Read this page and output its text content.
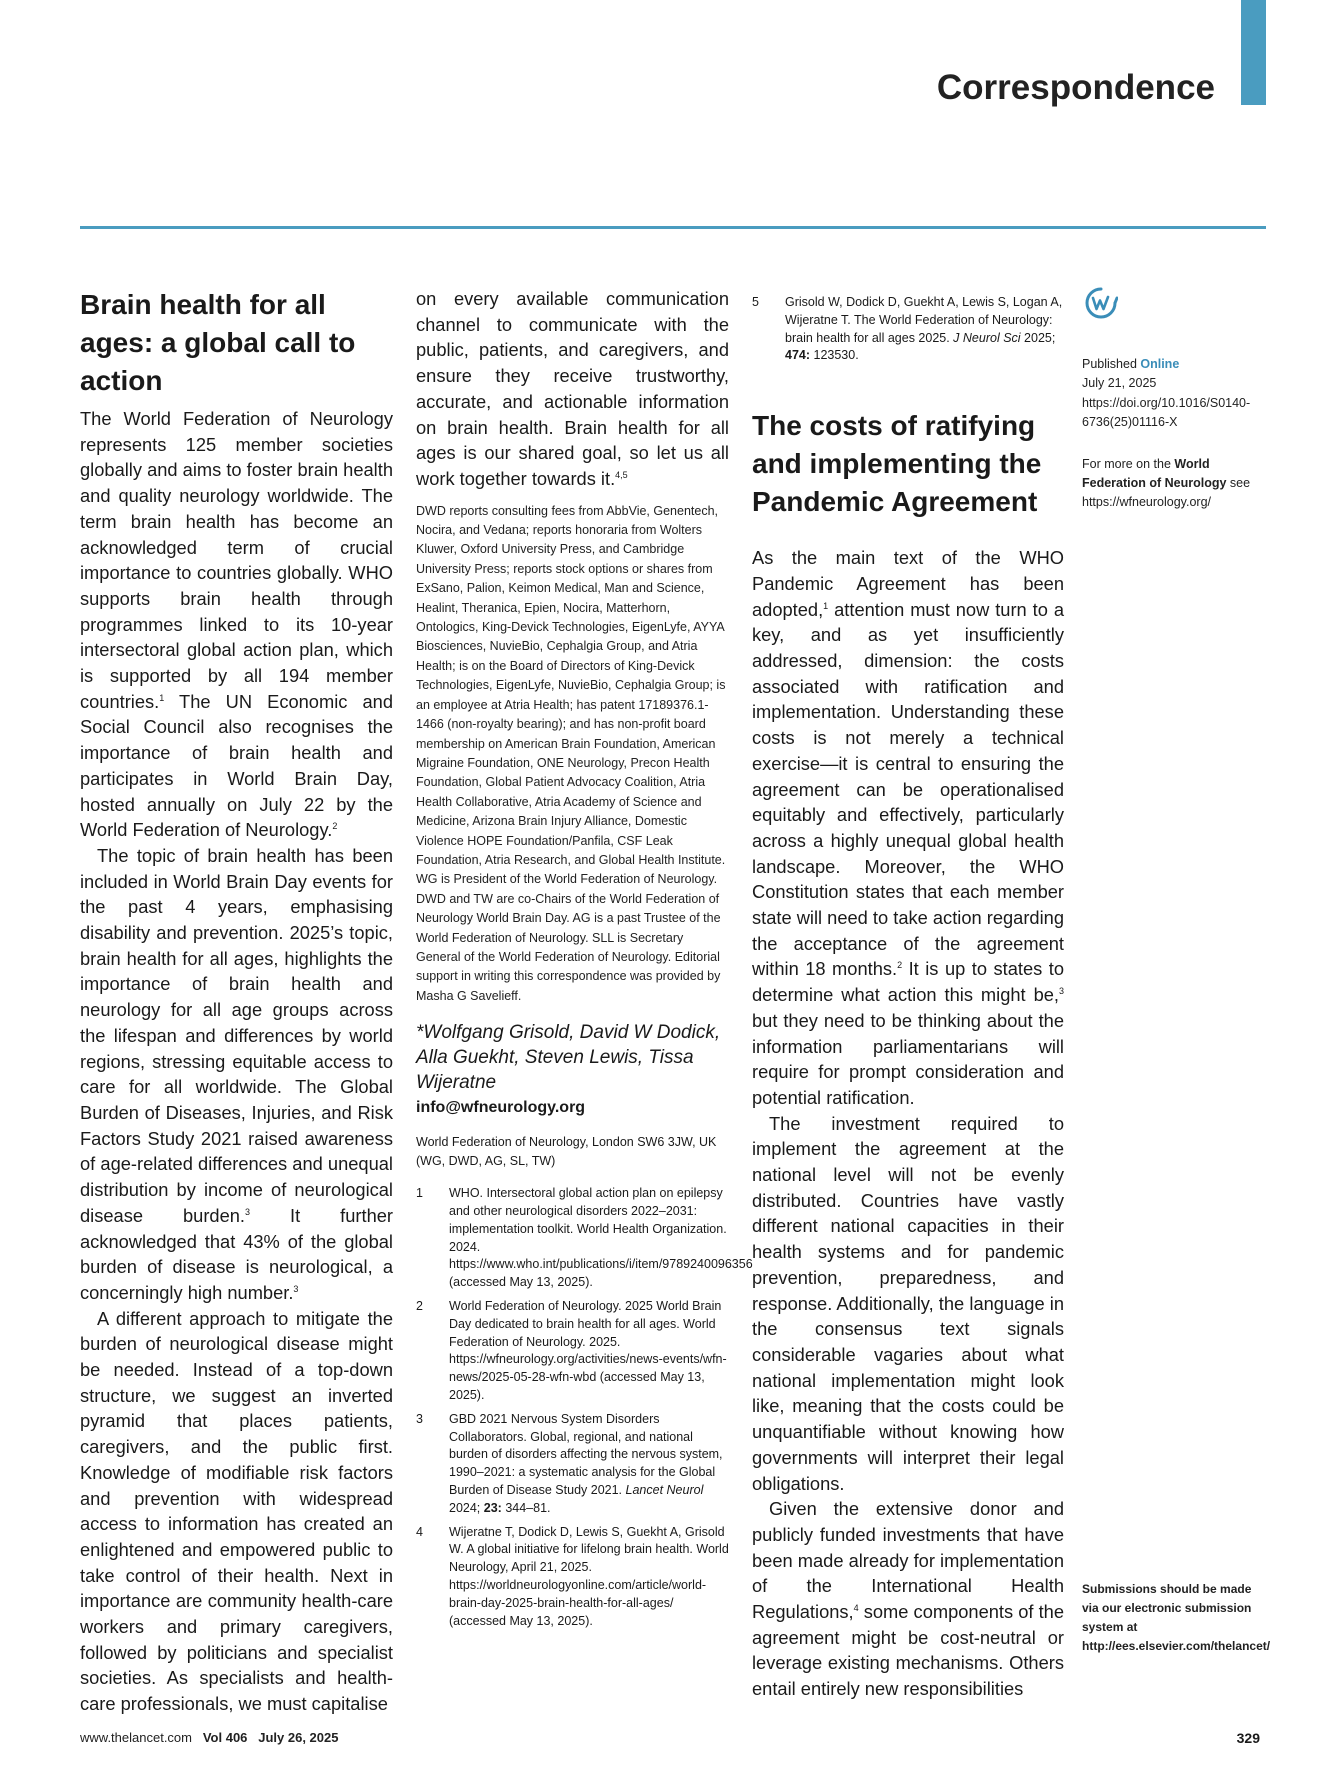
Correspondence
Brain health for all ages: a global call to action

The World Federation of Neurology represents 125 member societies globally and aims to foster brain health and quality neurology worldwide. The term brain health has become an acknowledged term of crucial importance to countries globally. WHO supports brain health through programmes linked to its 10-year intersectoral global action plan, which is supported by all 194 member countries.$^1$ The UN Economic and Social Council also recognises the importance of brain health and participates in World Brain Day, hosted annually on July 22 by the World Federation of Neurology.$^2$

The topic of brain health has been included in World Brain Day events for the past 4 years, emphasising disability and prevention. 2025’s topic, brain health for all ages, highlights the importance of brain health and neurology for all age groups across the lifespan and differences by world regions, stressing equitable access to care for all worldwide. The Global Burden of Diseases, Injuries, and Risk Factors Study 2021 raised awareness of age-related differences and unequal distribution by income of neurological disease burden.$^3$ It further acknowledged that 43% of the global burden of disease is neurological, a concerningly high number.$^3$

A different approach to mitigate the burden of neurological disease might be needed. Instead of a top-down structure, we suggest an inverted pyramid that places patients, caregivers, and the public first. Knowledge of modifiable risk factors and prevention with widespread access to information has created an enlightened and empowered public to take control of their health. Next in importance are community health-care workers and primary caregivers, followed by politicians and specialist societies. As specialists and health-care professionals, we must capitalise

on every available communication channel to communicate with the public, patients, and caregivers, and ensure they receive trustworthy, accurate, and actionable information on brain health. Brain health for all ages is our shared goal, so let us all work together towards it.$^{4,5}$

DWD reports consulting fees from AbbVie, Genentech, Nocira, and Vedana; reports honoraria from Wolters Kluwer, Oxford University Press, and Cambridge University Press; reports stock options or shares from ExSano, Palion, Keimon Medical, Man and Science, Healint, Theranica, Epien, Nocira, Matterhorn, Ontologics, King-Devick Technologies, EigenLyfe, AYYA Biosciences, NuvieBio, Cephalgia Group, and Atria Health; is on the Board of Directors of King-Devick Technologies, EigenLyfe, NuvieBio, Cephalgia Group; is an employee at Atria Health; has patent 17189376.1-1466 (non-royalty bearing); and has non-profit board membership on American Brain Foundation, American Migraine Foundation, ONE Neurology, Precon Health Foundation, Global Patient Advocacy Coalition, Atria Health Collaborative, Atria Academy of Science and Medicine, Arizona Brain Injury Alliance, Domestic Violence HOPE Foundation/Panfila, CSF Leak Foundation, Atria Research, and Global Health Institute. WG is President of the World Federation of Neurology. DWD and TW are co-Chairs of the World Federation of Neurology World Brain Day. AG is a past Trustee of the World Federation of Neurology. SLL is Secretary General of the World Federation of Neurology. Editorial support in writing this correspondence was provided by Masha G Savelieff.

*Wolfgang Grisold, David W Dodick, Alla Guekht, Steven Lewis, Tissa Wijeratne

info@wfneurology.org

World Federation of Neurology, London SW6 3JW, UK (WG, DWD, AG, SL, TW)

1 WHO. Intersectoral global action plan on epilepsy and other neurological disorders 2022–2031: implementation toolkit. World Health Organization. 2024. https://www.who.int/publications/i/item/9789240096356 (accessed May 13, 2025).
2 World Federation of Neurology. 2025 World Brain Day dedicated to brain health for all ages. World Federation of Neurology. 2025. https://wfneurology.org/activities/news-events/wfn-news/2025-05-28-wfn-wbd (accessed May 13, 2025).
3 GBD 2021 Nervous System Disorders Collaborators. Global, regional, and national burden of disorders affecting the nervous system, 1990–2021: a systematic analysis for the Global Burden of Disease Study 2021. Lancet Neurol 2024; 23: 344–81.
4 Wijeratne T, Dodick D, Lewis S, Guekht A, Grisold W. A global initiative for lifelong brain health. World Neurology, April 21, 2025. https://worldneurologyonline.com/article/world-brain-day-2025-brain-health-for-all-ages/ (accessed May 13, 2025).
5 Grisold W, Dodick D, Guekht A, Lewis S, Logan A, Wijeratne T. The World Federation of Neurology: brain health for all ages 2025. J Neurol Sci 2025; 474: 123530.
The costs of ratifying and implementing the Pandemic Agreement

As the main text of the WHO Pandemic Agreement has been adopted,$^1$ attention must now turn to a key, and as yet insufficiently addressed, dimension: the costs associated with ratification and implementation. Understanding these costs is not merely a technical exercise—it is central to ensuring the agreement can be operationalised equitably and effectively, particularly across a highly unequal global health landscape. Moreover, the WHO Constitution states that each member state will need to take action regarding the acceptance of the agreement within 18 months.$^2$ It is up to states to determine what action this might be,$^3$ but they need to be thinking about the information parliamentarians will require for prompt consideration and potential ratification.

The investment required to implement the agreement at the national level will not be evenly distributed. Countries have vastly different national capacities in their health systems and for pandemic prevention, preparedness, and response. Additionally, the language in the consensus text signals considerable vagaries about what national implementation might look like, meaning that the costs could be unquantifiable without knowing how governments will interpret their legal obligations.

Given the extensive donor and publicly funded investments that have been made already for implementation of the International Health Regulations,$^4$ some components of the agreement might be cost-neutral or leverage existing mechanisms. Others entail entirely new responsibilities

Published Online
July 21, 2025
https://doi.org/10.1016/S0140-6736(25)01116-X

For more on the World Federation of Neurology see
https://wfneurology.org/

Submissions should be made via our electronic submission system at http://ees.elsevier.com/thelancet/

www.thelancet.com Vol 406 July 26, 2025	329
